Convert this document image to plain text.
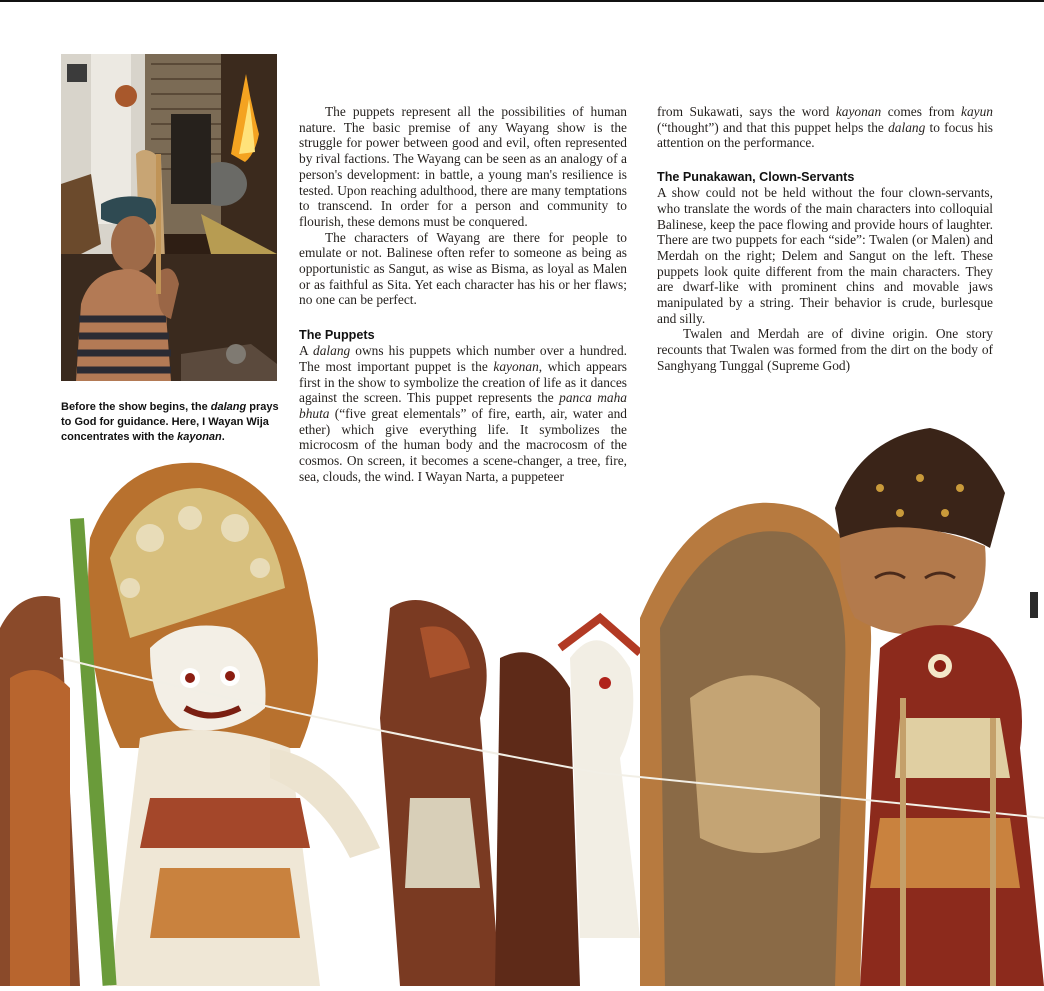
Before the show begins, the dalang prays to God for guidance. Here, I Wayan Wija concentrates with the kayonan.

The puppets represent all the possibilities of human nature. The basic premise of any Wayang show is the struggle for power between good and evil, often represented by rival factions. The Wayang can be seen as an analogy of a person's development: in battle, a young man's resilience is tested. Upon reaching adulthood, there are many temptations to transcend. In order for a person and community to flourish, these demons must be conquered.

The characters of Wayang are there for people to emulate or not. Balinese often refer to someone as being as opportunistic as Sangut, as wise as Bisma, as loyal as Malen or as faithful as Sita. Yet each character has his or her flaws; no one can be perfect.

The Puppets

A dalang owns his puppets which number over a hundred. The most important puppet is the kayonan, which appears first in the show to symbolize the creation of life as it dances against the screen. This puppet represents the panca maha bhuta (“five great elementals” of fire, earth, air, water and ether) which give everything life. It symbolizes the microcosm of the human body and the macrocosm of the cosmos. On screen, it becomes a scene-changer, a tree, fire, sea, clouds, the wind. I Wayan Narta, a puppeteer

from Sukawati, says the word kayonan comes from kayun (“thought”) and that this puppet helps the dalang to focus his attention on the performance.

The Punakawan, Clown-Servants

A show could not be held without the four clown-servants, who translate the words of the main characters into colloquial Balinese, keep the pace flowing and provide hours of laughter. There are two puppets for each “side”: Twalen (or Malen) and Merdah on the right; Delem and Sangut on the left. These puppets look quite different from the main characters. They are dwarf-like with prominent chins and movable jaws manipulated by a string. Their behavior is crude, burlesque and silly.

Twalen and Merdah are of divine origin. One story recounts that Twalen was formed from the dirt on the body of Sanghyang Tunggal (Supreme God)
